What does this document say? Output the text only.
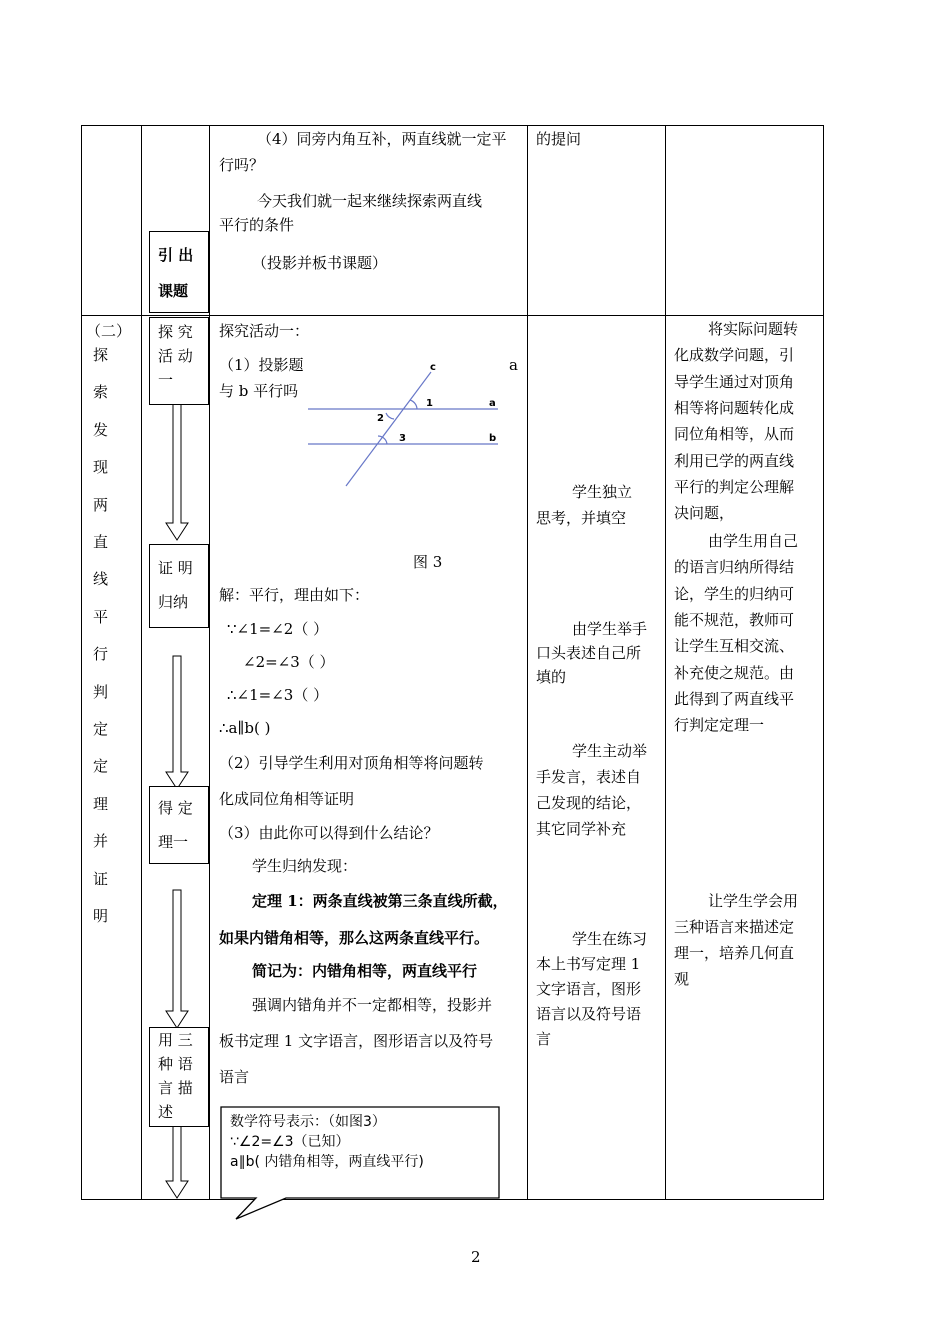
引 出
课题
（4）同旁内角互补，两直线就一定平
行吗？
今天我们就一起来继续探索两直线
平行的条件
（投影并板书课题）
的提问
（二）
探
索
发
现
两
直
线
平
行
判
定
定
理
并
证
明
探 究
活 动
一
证 明
归纳
得 定
理一
用 三
种 语
言 描
述
探究活动一：
（1）投影题
与 b 平行吗
a
c
a
b
1
2
3
图 3
解：平行，理由如下：
∵∠1=∠2（ ）
∠2=∠3（ ）
∴∠1=∠3（ ）
∴a∥b( )
（2）引导学生利用对顶角相等将问题转
化成同位角相等证明
（3）由此你可以得到什么结论？
学生归纳发现：
定理 1：两条直线被第三条直线所截，
如果内错角相等，那么这两条直线平行。
简记为：内错角相等，两直线平行
强调内错角并不一定都相等，投影并
板书定理 1 文字语言，图形语言以及符号
语言
数学符号表示：（如图3）
∵∠2=∠3（已知）
a∥b( 内错角相等，两直线平行)
学生独立
思考，并填空
由学生举手
口头表述自己所
填的
学生主动举
手发言，表述自
己发现的结论，
其它同学补充
学生在练习
本上书写定理 1
文字语言，图形
语言以及符号语
言
将实际问题转
化成数学问题，引
导学生通过对顶角
相等将问题转化成
同位角相等，从而
利用已学的两直线
平行的判定公理解
决问题，
由学生用自己
的语言归纳所得结
论，学生的归纳可
能不规范，教师可
让学生互相交流、
补充使之规范。由
此得到了两直线平
行判定定理一
让学生学会用
三种语言来描述定
理一，培养几何直
观
2
